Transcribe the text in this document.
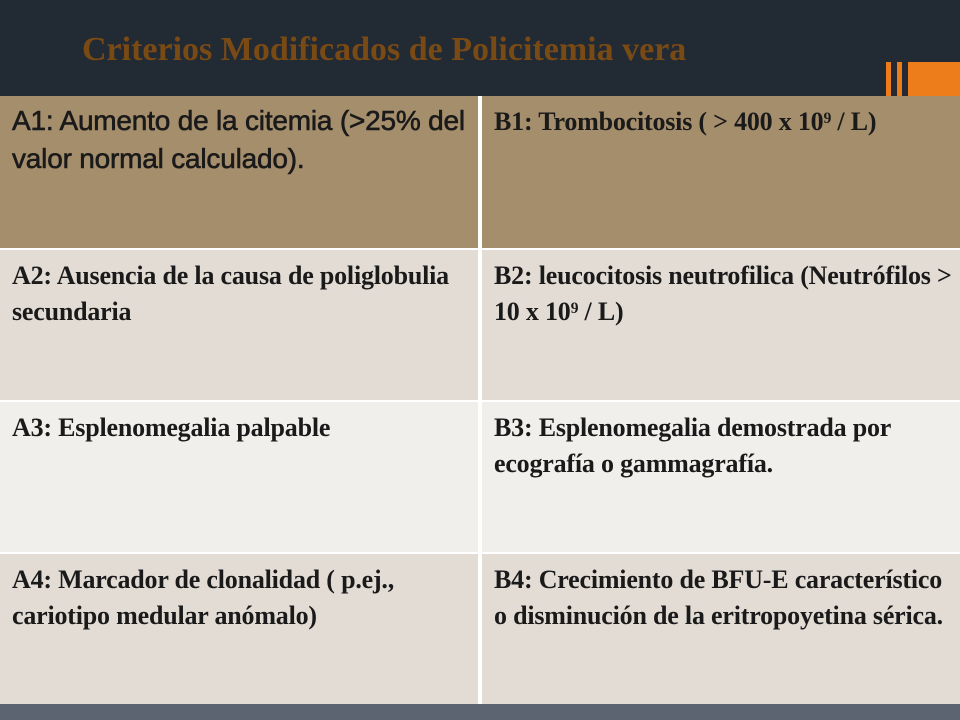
Criterios Modificados de Policitemia vera
A1: Aumento de la citemia (>25% del valor normal calculado).
B1: Trombocitosis ( > 400 x 10⁹ / L)
A2: Ausencia de la causa de poliglobulia secundaria
B2: leucocitosis neutrofilica (Neutrófilos > 10 x 10⁹ / L)
A3: Esplenomegalia palpable	B3: Esplenomegalia demostrada por ecografía o gammagrafía.
A4: Marcador de clonalidad ( p.ej., cariotipo medular anómalo)
B4: Crecimiento de BFU-E característico o disminución de la eritropoyetina sérica.
